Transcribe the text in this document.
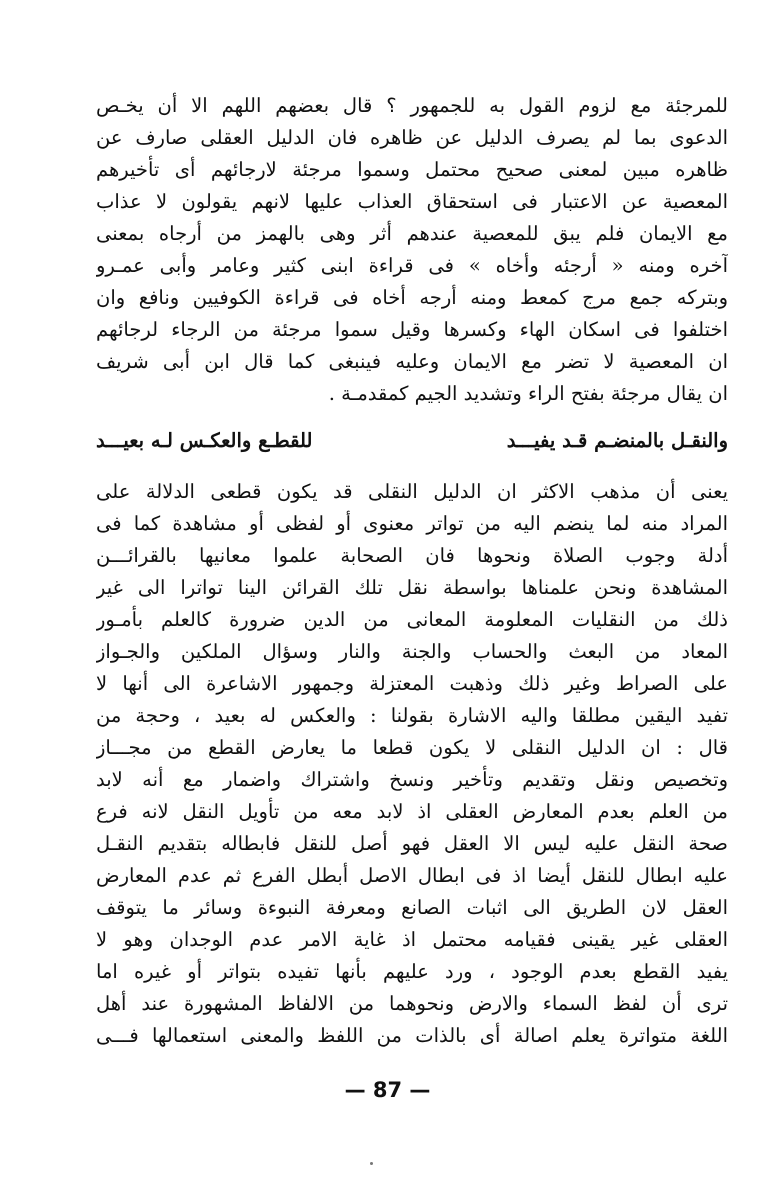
للمرجئة مع لزوم القول به للجمهور ؟ قال بعضهم اللهم الا أن يخـص
الدعوى بما لم يصرف الدليل عن ظاهره فان الدليل العقلى صارف عن
ظاهره مبين لمعنى صحيح محتمل وسموا مرجئة لارجائهم أى تأخيرهم
المعصية عن الاعتبار فى استحقاق العذاب عليها لانهم يقولون لا عذاب
مع الايمان فلم يبق للمعصية عندهم أثر وهى بالهمز من أرجاه بمعنى
آخره ومنه « أرجئه وأخاه » فى قراءة ابنى كثير وعامر وأبى عمـرو
وبتركه جمع مرج كمعط ومنه أرجه أخاه فى قراءة الكوفيين ونافع وان
اختلفوا فى اسكان الهاء وكسرها وقيل سموا مرجئة من الرجاء لرجائهم
ان المعصية لا تضر مع الايمان وعليه فينبغى كما قال ابن أبى شريف
ان يقال مرجئة بفتح الراء وتشديد الجيم كمقدمـة .
والنقـل بالمنضـم قـد يفيـــد
للقطـع والعكـس لـه بعيـــد
يعنى أن مذهب الاكثر ان الدليل النقلى قد يكون قطعى الدلالة على
المراد منه لما ينضم اليه من تواتر معنوى أو لفظى أو مشاهدة كما فى
أدلة وجوب الصلاة ونحوها فان الصحابة علموا معانيها بالقرائـــن
المشاهدة ونحن علمناها بواسطة نقل تلك القرائن الينا تواترا الى غير
ذلك من النقليات المعلومة المعانى من الدين ضرورة كالعلم بأمـور
المعاد من البعث والحساب والجنة والنار وسؤال الملكين والجـواز
على الصراط وغير ذلك وذهبت المعتزلة وجمهور الاشاعرة الى أنها لا
تفيد اليقين مطلقا واليه الاشارة بقولنا : والعكس له بعيد ، وحجة من
قال : ان الدليل النقلى لا يكون قطعا ما يعارض القطع من مجـــاز
وتخصيص ونقل وتقديم وتأخير ونسخ واشتراك واضمار مع أنه لابد
من العلم بعدم المعارض العقلى اذ لابد معه من تأويل النقل لانه فرع
صحة النقل عليه ليس الا العقل فهو أصل للنقل فابطاله بتقديم النقـل
عليه ابطال للنقل أيضا اذ فى ابطال الاصل أبطل الفرع ثم عدم المعارض
العقل لان الطريق الى اثبات الصانع ومعرفة النبوءة وسائر ما يتوقف
العقلى غير يقينى فقيامه محتمل اذ غاية الامر عدم الوجدان وهو لا
يفيد القطع بعدم الوجود ، ورد عليهم بأنها تفيده بتواتر أو غيره اما
ترى أن لفظ السماء والارض ونحوهما من الالفاظ المشهورة عند أهل
اللغة متواترة يعلم اصالة أى بالذات من اللفظ والمعنى استعمالها فـــى
— 87 —
